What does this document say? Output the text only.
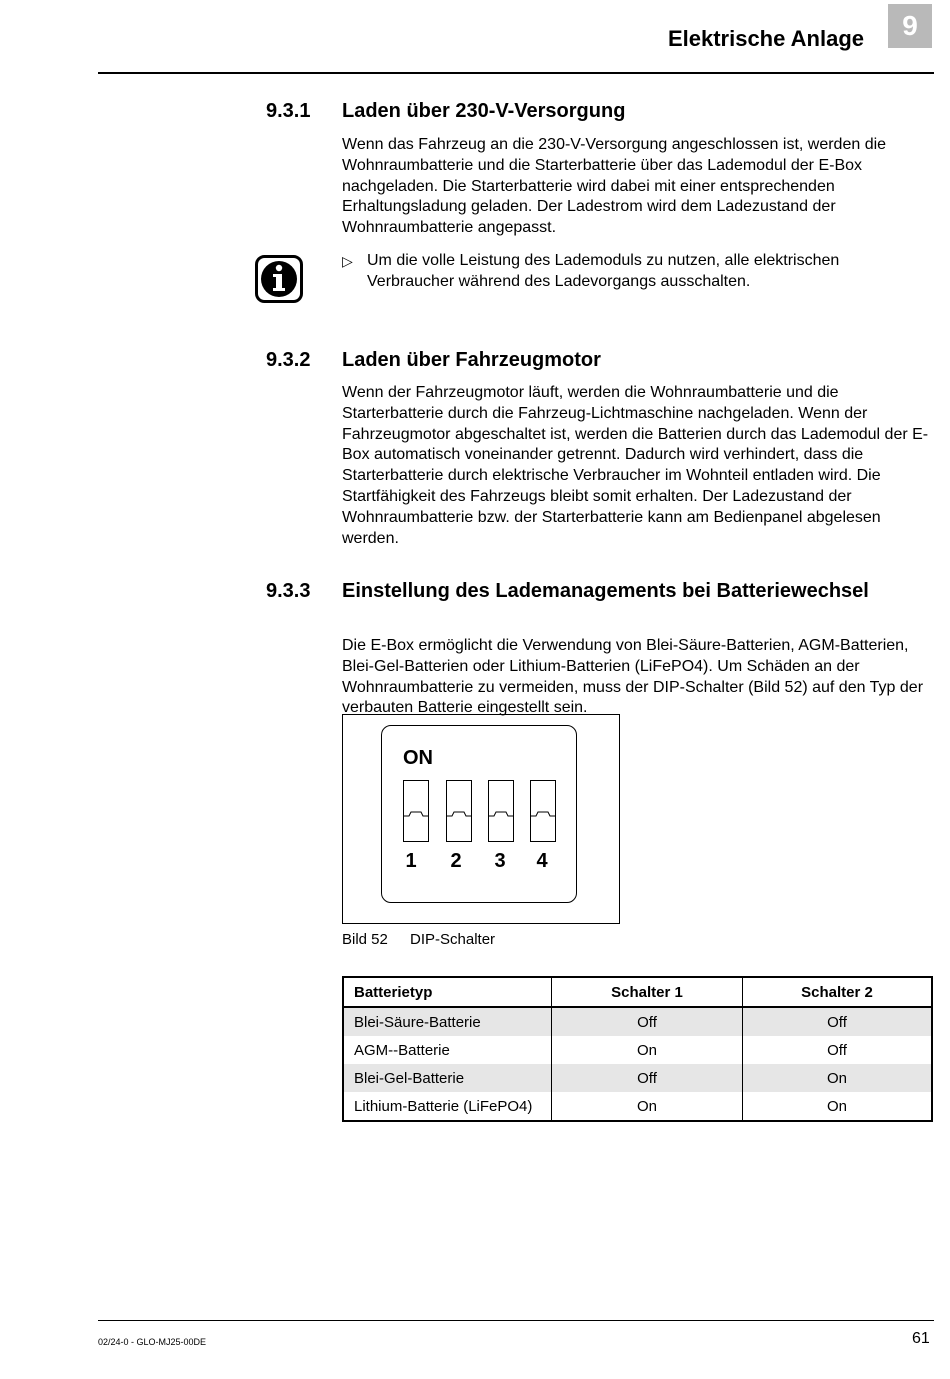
Elektrische Anlage	9
9.3.1 Laden über 230-V-Versorgung
Wenn das Fahrzeug an die 230-V-Versorgung angeschlossen ist, werden die Wohnraumbatterie und die Starterbatterie über das Lademodul der E-Box nachgeladen. Die Starterbatterie wird dabei mit einer entsprechenden Erhaltungsladung geladen. Der Ladestrom wird dem Ladezustand der Wohnraumbatterie angepasst.
▷ Um die volle Leistung des Lademoduls zu nutzen, alle elektrischen Verbraucher während des Ladevorgangs ausschalten.
9.3.2 Laden über Fahrzeugmotor
Wenn der Fahrzeugmotor läuft, werden die Wohnraumbatterie und die Starterbatterie durch die Fahrzeug-Lichtmaschine nachgeladen. Wenn der Fahrzeugmotor abgeschaltet ist, werden die Batterien durch das Lademodul der E-Box automatisch voneinander getrennt. Dadurch wird verhindert, dass die Starterbatterie durch elektrische Verbraucher im Wohnteil entladen wird. Die Startfähigkeit des Fahrzeugs bleibt somit erhalten. Der Ladezustand der Wohnraumbatterie bzw. der Starterbatterie kann am Bedienpanel abgelesen werden.
9.3.3 Einstellung des Lademanagements bei Batteriewechsel
Die E-Box ermöglicht die Verwendung von Blei-Säure-Batterien, AGM-Batterien, Blei-Gel-Batterien oder Lithium-Batterien (LiFePO4). Um Schäden an der Wohnraumbatterie zu vermeiden, muss der DIP-Schalter (Bild 52) auf den Typ der verbauten Batterie eingestellt sein.
ON
1	2	3	4
Bild 52 DIP-Schalter
Batterietyp	Schalter 1	Schalter 2
Blei-Säure-Batterie	Off	Off
AGM--Batterie	On	Off
Blei-Gel-Batterie	Off	On
Lithium-Batterie (LiFePO4)	On	On
02/24-0 - GLO-MJ25-00DE	61
